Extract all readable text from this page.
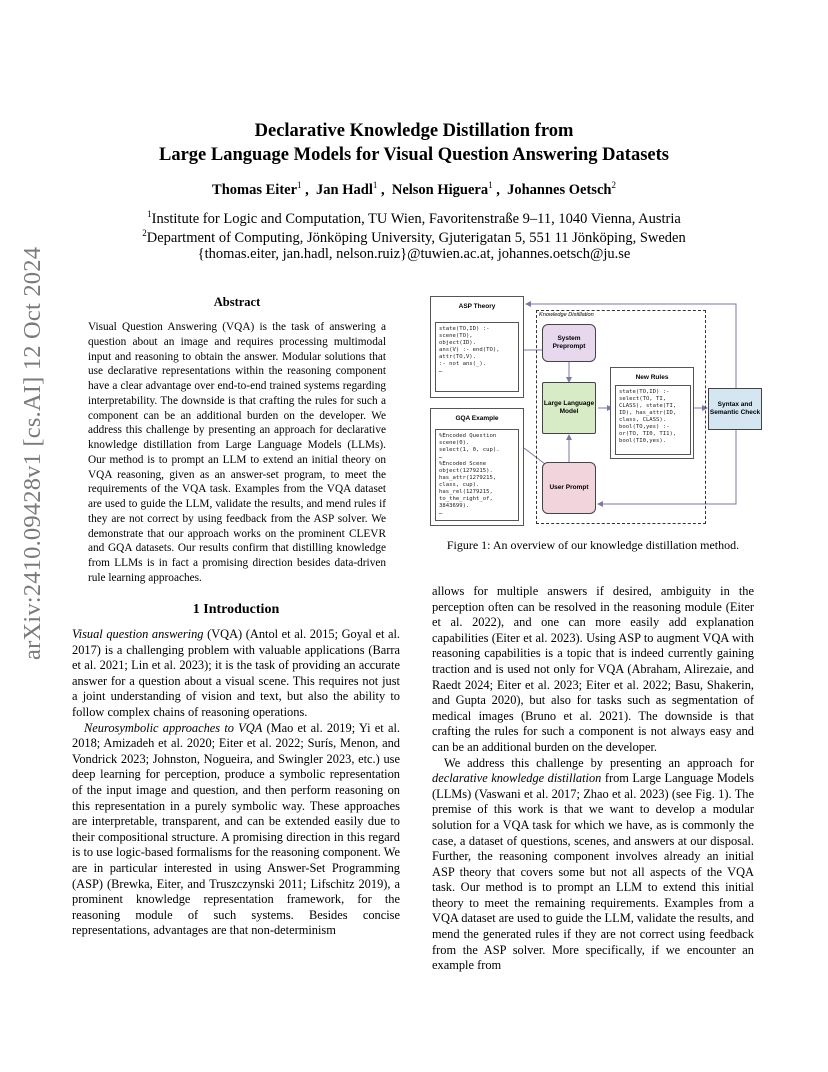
arXiv:2410.09428v1 [cs.AI] 12 Oct 2024
Declarative Knowledge Distillation from
Large Language Models for Visual Question Answering Datasets
Thomas Eiter$^1$ ,  Jan Hadl$^1$ ,  Nelson Higuera$^1$ ,  Johannes Oetsch$^2$
$^1$Institute for Logic and Computation, TU Wien, Favoritenstraße 9–11, 1040 Vienna, Austria
$^2$Department of Computing, Jönköping University, Gjuterigatan 5, 551 11 Jönköping, Sweden
{thomas.eiter, jan.hadl, nelson.ruiz}@tuwien.ac.at, johannes.oetsch@ju.se
Abstract
Visual Question Answering (VQA) is the task of answering a question about an image and requires processing multimodal input and reasoning to obtain the answer. Modular solutions that use declarative representations within the reasoning component have a clear advantage over end-to-end trained systems regarding interpretability. The downside is that crafting the rules for such a component can be an additional burden on the developer. We address this challenge by presenting an approach for declarative knowledge distillation from Large Language Models (LLMs). Our method is to prompt an LLM to extend an initial theory on VQA reasoning, given as an answer-set program, to meet the requirements of the VQA task. Examples from the VQA dataset are used to guide the LLM, validate the results, and mend rules if they are not correct by using feedback from the ASP solver. We demonstrate that our approach works on the prominent CLEVR and GQA datasets. Our results confirm that distilling knowledge from LLMs is in fact a promising direction besides data-driven rule learning approaches.
ASP Theory
state(TO,ID) :-
scene(TO),
object(ID).
ans(V) :- end(TO),
attr(TO,V).
:- not ans(_).
…
GQA Example
%Encoded Question
scene(0).
select(1, 0, cup).
…
%Encoded Scene
object(1279215).
has_attr(1279215,
class, cup).
has_rel(1279215,
to_the_right_of,
3843699).
…
Knowledge Distillation
System Preprompt
Large Language Model
User Prompt
New Rules
state(TO,ID) :-
select(TO, TI,
CLASS), state(TI,
ID), has_attr(ID,
class, CLASS).
bool(TO,yes) :-
or(TO, TI0, TI1),
bool(TI0,yes).
Syntax and Semantic Check
Figure 1: An overview of our knowledge distillation method.
1 Introduction

Visual question answering (VQA) (Antol et al. 2015; Goyal et al. 2017) is a challenging problem with valuable applications (Barra et al. 2021; Lin et al. 2023); it is the task of providing an accurate answer for a question about a visual scene. This requires not just a joint understanding of vision and text, but also the ability to follow complex chains of reasoning operations.

Neurosymbolic approaches to VQA (Mao et al. 2019; Yi et al. 2018; Amizadeh et al. 2020; Eiter et al. 2022; Surís, Menon, and Vondrick 2023; Johnston, Nogueira, and Swingler 2023, etc.) use deep learning for perception, produce a symbolic representation of the input image and question, and then perform reasoning on this representation in a purely symbolic way. These approaches are interpretable, transparent, and can be extended easily due to their compositional structure. A promising direction in this regard is to use logic-based formalisms for the reasoning component. We are in particular interested in using Answer-Set Programming (ASP) (Brewka, Eiter, and Truszczynski 2011; Lifschitz 2019), a prominent knowledge representation framework, for the reasoning module of such systems. Besides concise representations, advantages are that non-determinism

allows for multiple answers if desired, ambiguity in the perception often can be resolved in the reasoning module (Eiter et al. 2022), and one can more easily add explanation capabilities (Eiter et al. 2023). Using ASP to augment VQA with reasoning capabilities is a topic that is indeed currently gaining traction and is used not only for VQA (Abraham, Alirezaie, and Raedt 2024; Eiter et al. 2023; Eiter et al. 2022; Basu, Shakerin, and Gupta 2020), but also for tasks such as segmentation of medical images (Bruno et al. 2021). The downside is that crafting the rules for such a component is not always easy and can be an additional burden on the developer.

We address this challenge by presenting an approach for declarative knowledge distillation from Large Language Models (LLMs) (Vaswani et al. 2017; Zhao et al. 2023) (see Fig. 1). The premise of this work is that we want to develop a modular solution for a VQA task for which we have, as is commonly the case, a dataset of questions, scenes, and answers at our disposal. Further, the reasoning component involves already an initial ASP theory that covers some but not all aspects of the VQA task. Our method is to prompt an LLM to extend this initial theory to meet the remaining requirements. Examples from a VQA dataset are used to guide the LLM, validate the results, and mend the generated rules if they are not correct using feedback from the ASP solver. More specifically, if we encounter an example from
